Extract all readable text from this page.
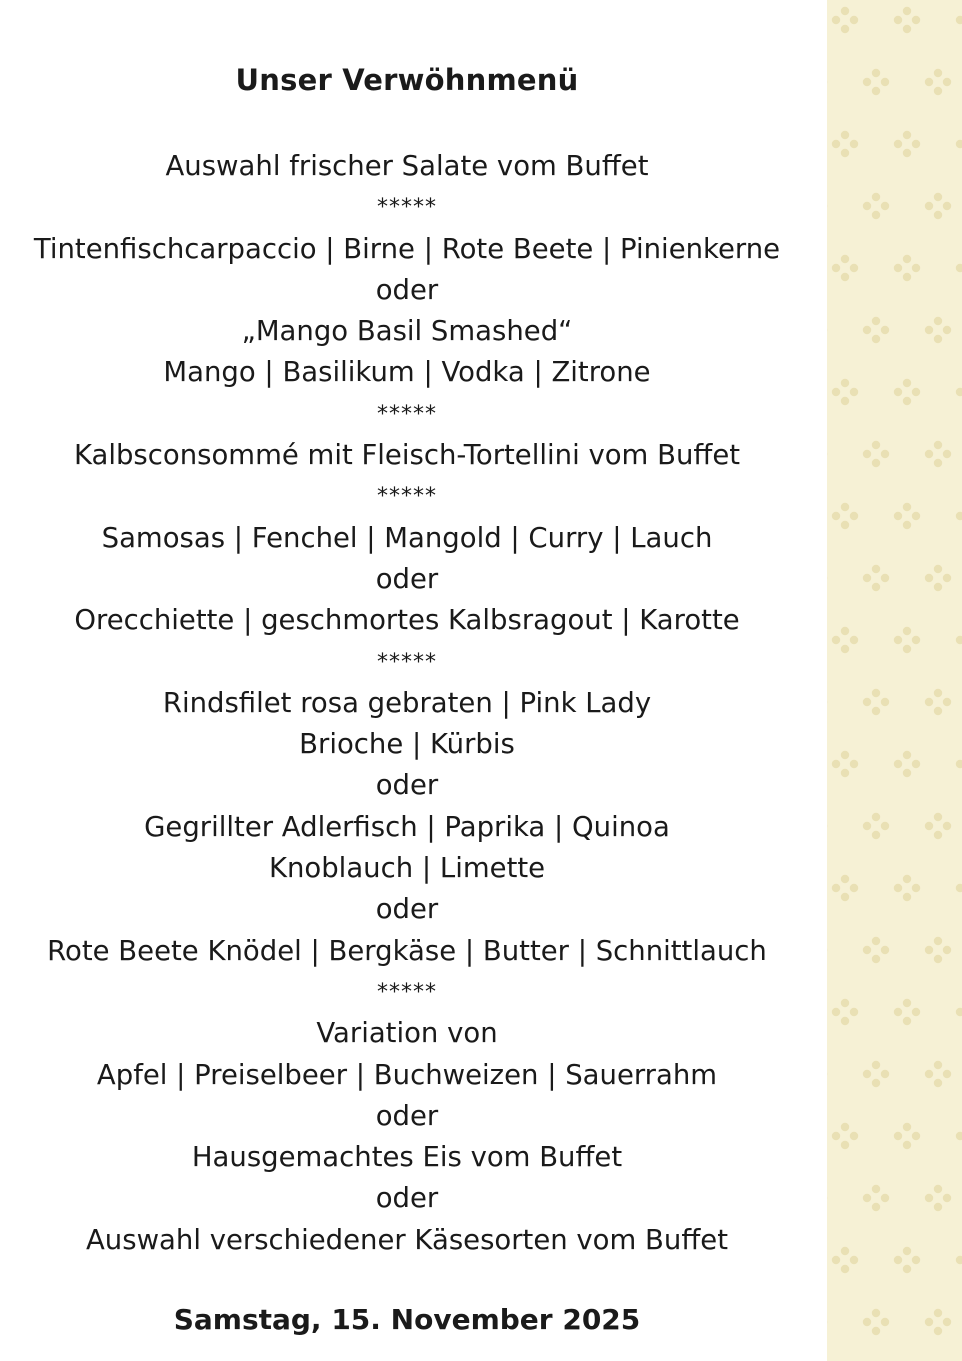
Unser Verwöhnmenü
Auswahl frischer Salate vom Buffet
*****
Tintenfischcarpaccio | Birne | Rote Beete | Pinienkerne
oder
„Mango Basil Smashed“
Mango | Basilikum | Vodka | Zitrone
*****
Kalbsconsommé mit Fleisch-Tortellini vom Buffet
*****
Samosas | Fenchel | Mangold | Curry | Lauch
oder
Orecchiette | geschmortes Kalbsragout | Karotte
*****
Rindsfilet rosa gebraten | Pink Lady
Brioche | Kürbis
oder
Gegrillter Adlerfisch | Paprika | Quinoa
Knoblauch | Limette
oder
Rote Beete Knödel | Bergkäse | Butter | Schnittlauch
*****
Variation von
Apfel | Preiselbeer | Buchweizen | Sauerrahm
oder
Hausgemachtes Eis vom Buffet
oder
Auswahl verschiedener Käsesorten vom Buffet

Samstag, 15. November 2025
